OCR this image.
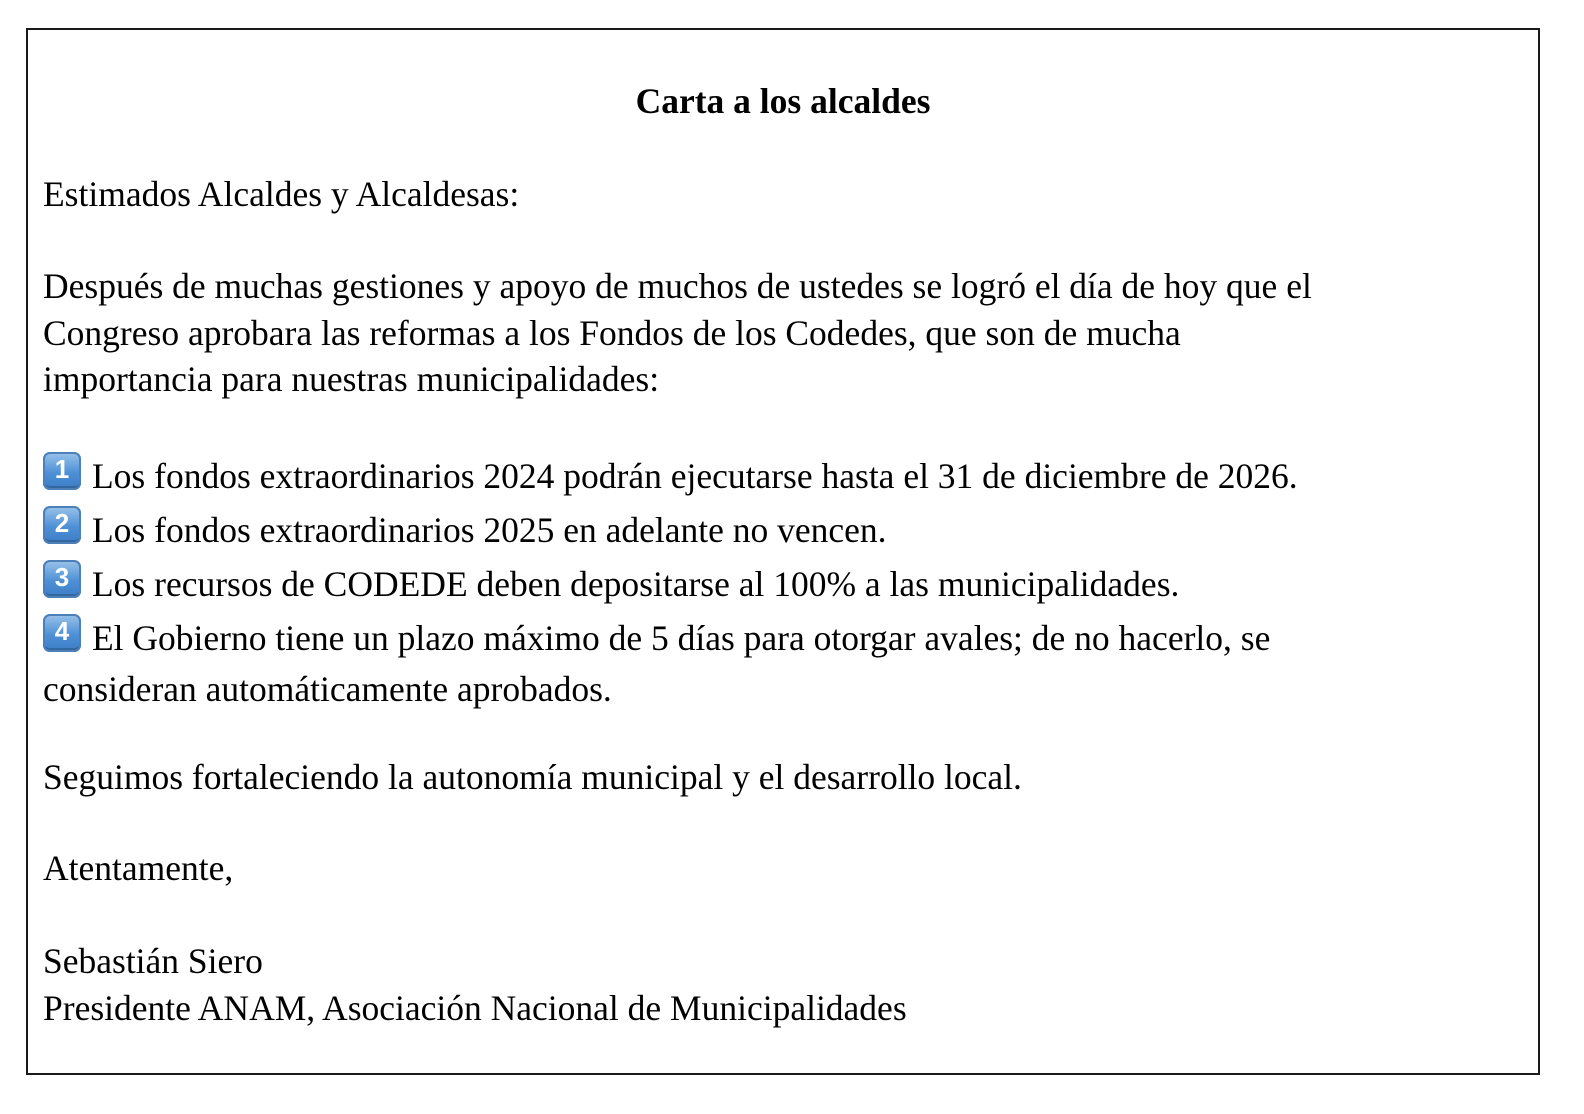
Carta a los alcaldes
Estimados Alcaldes y Alcaldesas:
Después de muchas gestiones y apoyo de muchos de ustedes se logró el día de hoy que el
Congreso aprobara las reformas a los Fondos de los Codedes, que son de mucha
importancia para nuestras municipalidades:
1 Los fondos extraordinarios 2024 podrán ejecutarse hasta el 31 de diciembre de 2026.
2 Los fondos extraordinarios 2025 en adelante no vencen.
3 Los recursos de CODEDE deben depositarse al 100% a las municipalidades.
4 El Gobierno tiene un plazo máximo de 5 días para otorgar avales; de no hacerlo, se
consideran automáticamente aprobados.
Seguimos fortaleciendo la autonomía municipal y el desarrollo local.
Atentamente,
Sebastián Siero
Presidente ANAM, Asociación Nacional de Municipalidades
